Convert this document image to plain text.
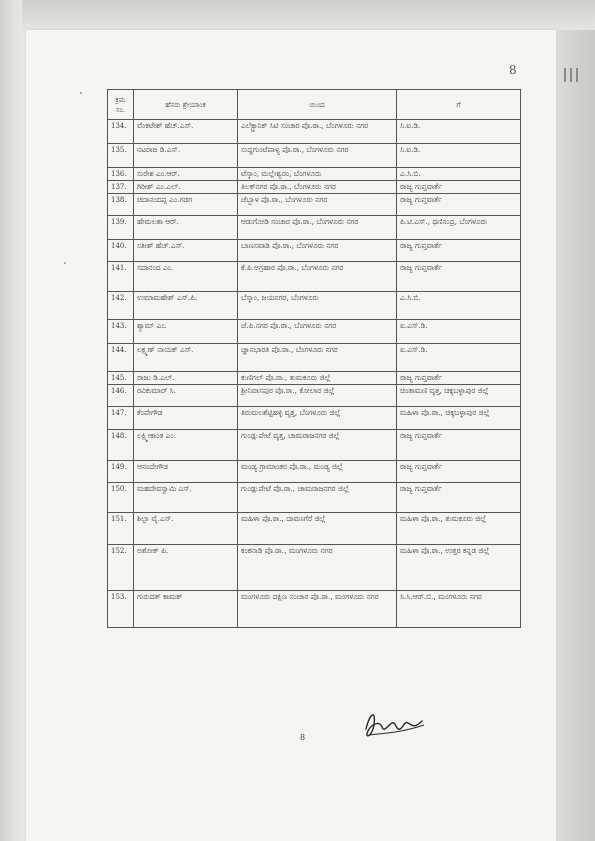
8
ಕ್ರಮ ಸಂ.	ಹೆಸರು ಶ್ರೇಯಾಂಕ	ಯಿಂದ	ಗೆ
134.	ವೆಂಕಟೇಶ್ ಹೆಚ್.ಎಸ್.	ಎಲೆಕ್ಟ್ರಾನಿಕ್ ಸಿಟಿ ಸಂಚಾರ ಪೊ.ಠಾ., ಬೆಂಗಳೂರು ನಗರ	ಸಿ.ಐ.ಡಿ.
135.	ನಟರಾಜ ಡಿ.ಎಸ್.	ಸುದ್ದಗುಂಟೆಪಾಳ್ಯ ಪೊ.ಠಾ., ಬೆಂಗಳೂರು ನಗರ	ಸಿ.ಐ.ಡಿ.
136.	ಸುರೇಶ ಎಂ.ಆರ್.	ಟೆಸ್ಕಾಂ, ಮಲ್ಲೇಶ್ವರಂ, ಬೆಂಗಳೂರು	ಎ.ಸಿ.ಬಿ.
137.	ಗಿರೀಶ್ ಎಂ.ಎಲ್.	ತಿಲಕ್‌ನಗರ ಪೊ.ಠಾ., ಬೆಂಗಳೂರು ನಗರ	ರಾಜ್ಯ ಗುಪ್ತವಾರ್ತೆ
138.	ಚಿದಾನಂದಪ್ಪ ಎಂ.ಗಡಗ	ಜೆಬ್ಬಾಳ ಪೊ.ಠಾ., ಬೆಂಗಳೂರು ನಗರ	ರಾಜ್ಯ ಗುಪ್ತವಾರ್ತೆ
139.	ಹೇಮಲತಾ ಆರ್.	ಆಡುಗೋಡಿ ಸಂಚಾರ ಪೊ.ಠಾ., ಬೆಂಗಳೂರು ನಗರ	ಪಿ.ಟಿ.ಎಸ್., ಥಣಿಸಂದ್ರ, ಬೆಂಗಳೂರು
140.	ಸತೀಶ್ ಹೆಚ್.ಎಸ್.	ಬಾಣಸವಾಡಿ ಪೊ.ಠಾ., ಬೆಂಗಳೂರು ನಗರ	ರಾಜ್ಯ ಗುಪ್ತವಾರ್ತೆ
141.	ಸದಾನಂದ ಎಂ.	ಕೆ.ಪಿ.ಅಗ್ರಹಾರ ಪೊ.ಠಾ., ಬೆಂಗಳೂರು ನಗರ	ರಾಜ್ಯ ಗುಪ್ತವಾರ್ತೆ
142.	ಉಮಾಮಹೇಶ್ ಎಸ್.ಪಿ.	ಬೆಸ್ಕಾಂ, ಜಯನಗರ, ಬೆಂಗಳೂರು	ಎ.ಸಿ.ಬಿ.
143.	ಶ್ಯಾಮ್ ಎಂ.	ಜೆ.ಪಿ.ನಗರ ಪೊ.ಠಾ., ಬೆಂಗಳೂರು ನಗರ	ಐ.ಎಸ್.ಡಿ.
144.	ಲಕ್ಷ್ಮಣ್ ನಾಯಕ್ ಎಸ್.	ಜ್ಞಾನಭಾರತಿ ಪೊ.ಠಾ., ಬೆಂಗಳೂರು ನಗರ	ಐ.ಎಸ್.ಡಿ.
145.	ರಾಜು ಡಿ.ಎಲ್.	ಕುಣಿಗಲ್ ಪೊ.ಠಾ., ತುಮಕೂರು ಜಿಲ್ಲೆ	ರಾಜ್ಯ ಗುಪ್ತವಾರ್ತೆ
146.	ರವಿಕುಮಾರ್ ಸಿ.	ಶ್ರೀನಿವಾಸಪುರ ಪೊ.ಠಾ., ಕೋಲಾರ ಜಿಲ್ಲೆ	ಚಿಂತಾಮಣಿ ವೃತ್ತ, ಚಿಕ್ಕಬಳ್ಳಾಪುರ ಜಿಲ್ಲೆ
147.	ಕೆಂಪೇಗೌಡ	ತಿರುಮಲಶೆಟ್ಟಿಹಳ್ಳಿ ವೃತ್ತ, ಬೆಂಗಳೂರು ಜಿಲ್ಲೆ	ಮಹಿಳಾ ಪೊ.ಠಾ., ಚಿಕ್ಕಬಳ್ಳಾಪುರ ಜಿಲ್ಲೆ
148.	ಲಕ್ಷ್ಮೀಕಾಂತ ಎಂ.	ಗುಂಡ್ಲುಪೇಟೆ ವೃತ್ತ, ಚಾಮರಾಜನಗರ ಜಿಲ್ಲೆ	ರಾಜ್ಯ ಗುಪ್ತವಾರ್ತೆ
149.	ಆನಂದೇಗೌಡ	ಮಂಡ್ಯ ಗ್ರಾಮಾಂತರ ಪೊ.ಠಾ., ಮಂಡ್ಯ ಜಿಲ್ಲೆ	ರಾಜ್ಯ ಗುಪ್ತವಾರ್ತೆ
150.	ಮಹದೇವಸ್ವಾಮಿ ಎಸ್.	ಗುಂಡ್ಲುಪೇಟೆ ಪೊ.ಠಾ., ಚಾಮರಾಜನಗರ ಜಿಲ್ಲೆ	ರಾಜ್ಯ ಗುಪ್ತವಾರ್ತೆ
151.	ಶಿಲ್ಪಾ ವೈ.ಎಸ್.	ಮಹಿಳಾ ಪೊ.ಠಾ., ದಾವಣಗೆರೆ ಜಿಲ್ಲೆ	ಮಹಿಳಾ ಪೊ.ಠಾ., ತುಮಕೂರು ಜಿಲ್ಲೆ
152.	ಅಶೋಕ್ ಪಿ.	ಕಂಕನಾಡಿ ಪೊ.ಠಾ., ಮಂಗಳೂರು ನಗರ	ಮಹಿಳಾ ಪೊ.ಠಾ., ಉತ್ತರ ಕನ್ನಡ ಜಿಲ್ಲೆ
153.	ಗುರುದತ್ ಕಾಮತ್	ಮಂಗಳೂರು ದಕ್ಷಿಣ ಸಂಚಾರ ಪೊ.ಠಾ., ಮಂಗಳೂರು ನಗರ	ಸಿ.ಸಿ.ಆರ್.ಬಿ., ಮಂಗಳೂರು ನಗರ
8
